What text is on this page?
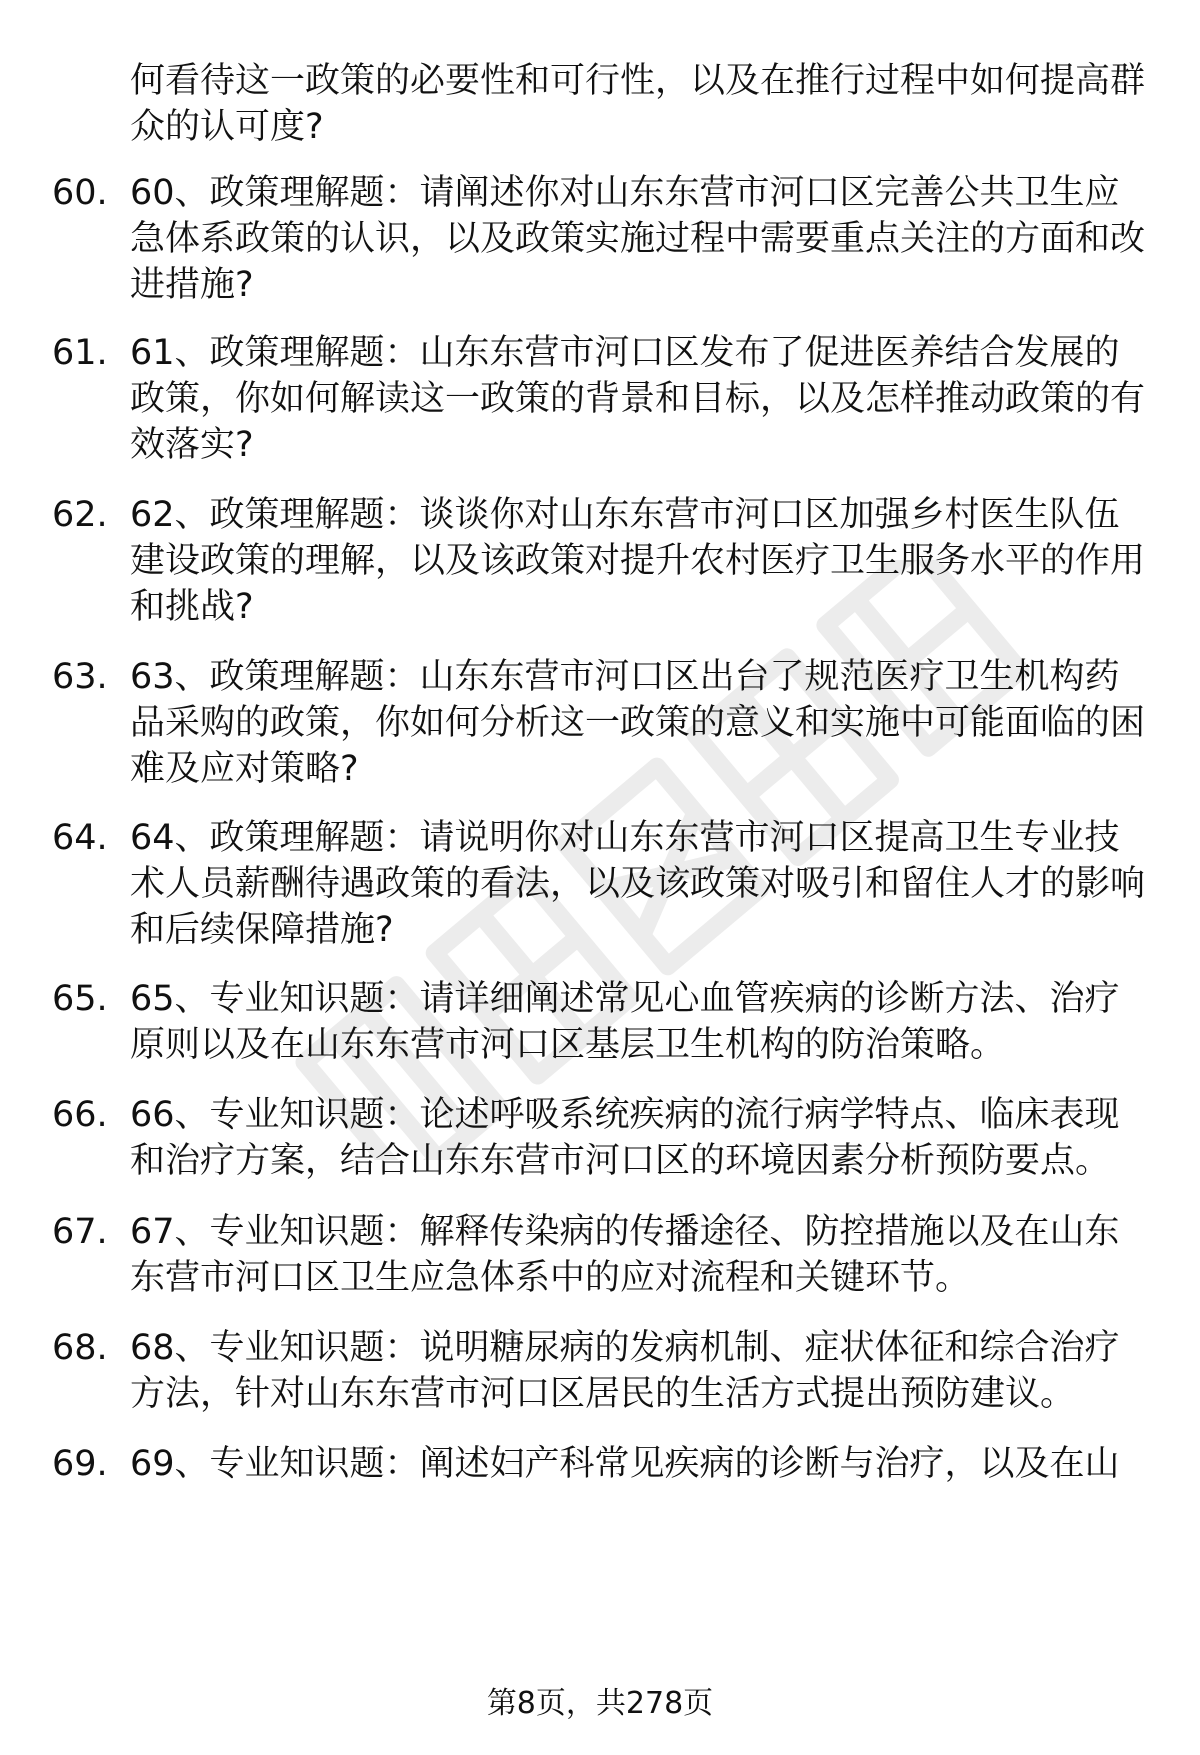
何看待这一政策的必要性和可行性，以及在推行过程中如何提高群众的认可度?
60. 60、政策理解题：请阐述你对山东东营市河口区完善公共卫生应急体系政策的认识，以及政策实施过程中需要重点关注的方面和改进措施?
61. 61、政策理解题：山东东营市河口区发布了促进医养结合发展的政策，你如何解读这一政策的背景和目标，以及怎样推动政策的有效落实?
62. 62、政策理解题：谈谈你对山东东营市河口区加强乡村医生队伍建设政策的理解，以及该政策对提升农村医疗卫生服务水平的作用和挑战?
63. 63、政策理解题：山东东营市河口区出台了规范医疗卫生机构药品采购的政策，你如何分析这一政策的意义和实施中可能面临的困难及应对策略?
64. 64、政策理解题：请说明你对山东东营市河口区提高卫生专业技术人员薪酬待遇政策的看法，以及该政策对吸引和留住人才的影响和后续保障措施?
65. 65、专业知识题：请详细阐述常见心血管疾病的诊断方法、治疗原则以及在山东东营市河口区基层卫生机构的防治策略。
66. 66、专业知识题：论述呼吸系统疾病的流行病学特点、临床表现和治疗方案，结合山东东营市河口区的环境因素分析预防要点。
67. 67、专业知识题：解释传染病的传播途径、防控措施以及在山东东营市河口区卫生应急体系中的应对流程和关键环节。
68. 68、专业知识题：说明糖尿病的发病机制、症状体征和综合治疗方法，针对山东东营市河口区居民的生活方式提出预防建议。
69. 69、专业知识题：阐述妇产科常见疾病的诊断与治疗，以及在山
第8页，共278页
